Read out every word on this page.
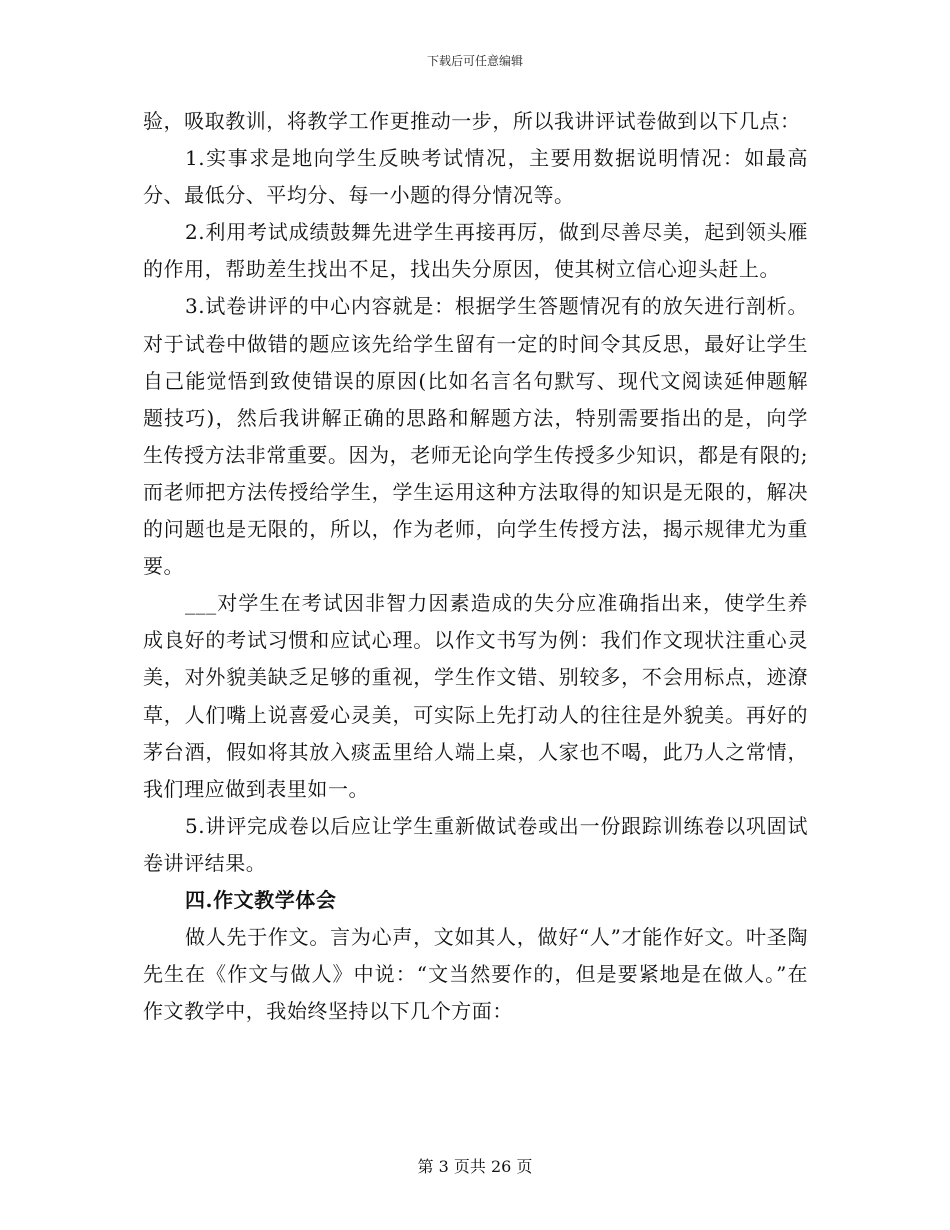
下载后可任意编辑

验，吸取教训，将教学工作更推动一步，所以我讲评试卷做到以下几点：

1.实事求是地向学生反映考试情况，主要用数据说明情况：如最高分、最低分、平均分、每一小题的得分情况等。

2.利用考试成绩鼓舞先进学生再接再厉，做到尽善尽美，起到领头雁的作用，帮助差生找出不足，找出失分原因，使其树立信心迎头赶上。

3.试卷讲评的中心内容就是：根据学生答题情况有的放矢进行剖析。对于试卷中做错的题应该先给学生留有一定的时间令其反思，最好让学生自己能觉悟到致使错误的原因(比如名言名句默写、现代文阅读延伸题解题技巧)，然后我讲解正确的思路和解题方法，特别需要指出的是，向学生传授方法非常重要。因为，老师无论向学生传授多少知识，都是有限的;而老师把方法传授给学生，学生运用这种方法取得的知识是无限的，解决的问题也是无限的，所以，作为老师，向学生传授方法，揭示规律尤为重要。

___对学生在考试因非智力因素造成的失分应准确指出来，使学生养成良好的考试习惯和应试心理。以作文书写为例：我们作文现状注重心灵美，对外貌美缺乏足够的重视，学生作文错、别较多，不会用标点，迹潦草，人们嘴上说喜爱心灵美，可实际上先打动人的往往是外貌美。再好的茅台酒，假如将其放入痰盂里给人端上桌，人家也不喝，此乃人之常情，我们理应做到表里如一。

5.讲评完成卷以后应让学生重新做试卷或出一份跟踪训练卷以巩固试卷讲评结果。

四.作文教学体会

做人先于作文。言为心声，文如其人，做好“人”才能作好文。叶圣陶先生在《作文与做人》中说：“文当然要作的，但是要紧地是在做人。”在作文教学中，我始终坚持以下几个方面：

第 3 页共 26 页
